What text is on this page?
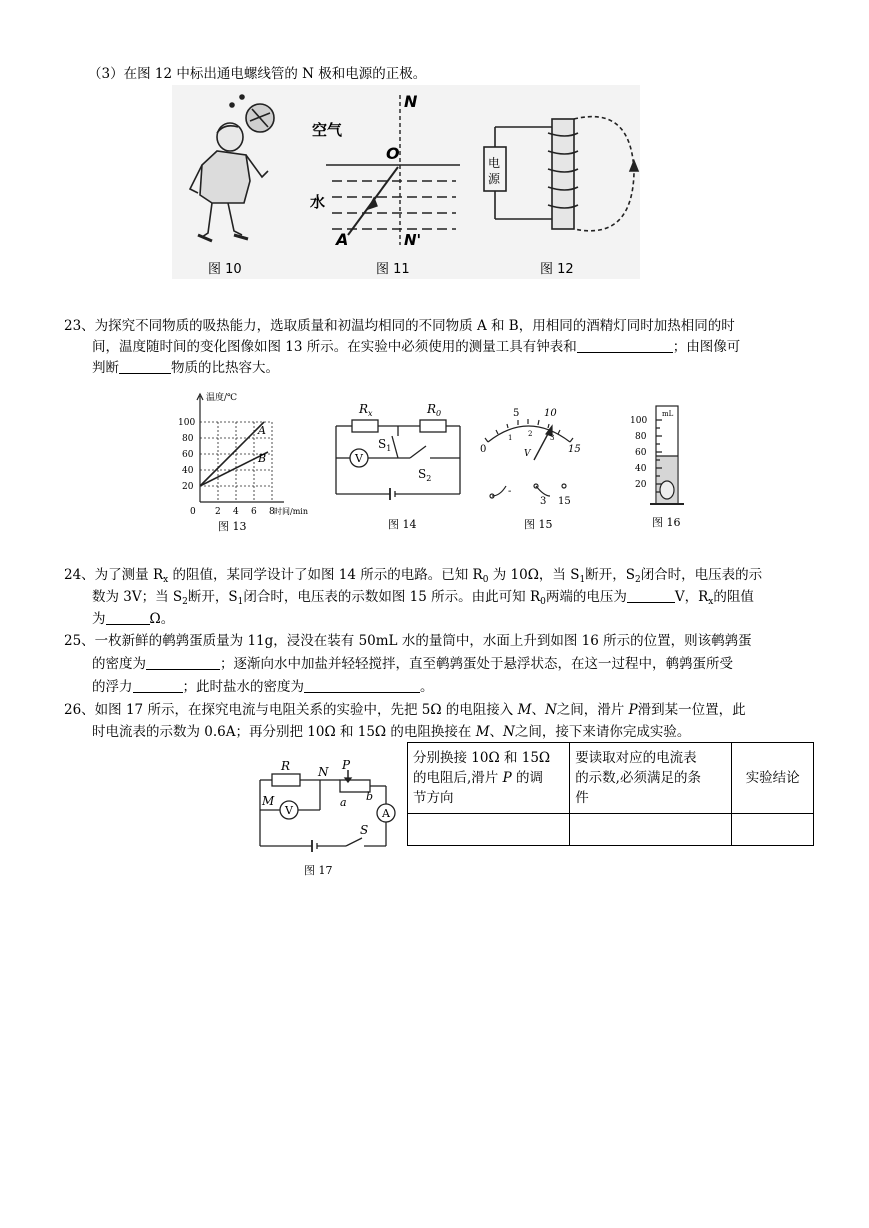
（3）在图 12 中标出通电螺线管的 N 极和电源的正极。
图 10
N
空气
O
水
A	N'
图 11
电
源
图 12
23、为探究不同物质的吸热能力，选取质量和初温均相同的不同物质 A 和 B，用相同的酒精灯同时加热相同的时
间，温度随时间的变化图像如图 13 所示。在实验中必须使用的测量工具有钟表和	；由图像可
判断	物质的比热容大。
温度/℃
100
80
60
40
20
0 2 4 6 8 时间/min
A
B
图 13
$R_x$	$R_0$
V
$S_1$
$S_2$
图 14
0
5 10
15
1 2	3
V
-
3 15
图 15
mL
100
80
60
40
20
图 16
24、为了测量 $R_x$ 的阻值，某同学设计了如图 14 所示的电路。已知 $R_0$ 为 10Ω，当 $S_1$断开，$S_2$闭合时，电压表的示
数为 3V；当 $S_2$断开，$S_1$闭合时，电压表的示数如图 15 所示。由此可知 $R_0$两端的电压为	V，$R_x$的阻值
为	Ω。
25、一枚新鲜的鹌鹑蛋质量为 11g，浸没在装有 50mL 水的量筒中，水面上升到如图 16 所示的位置，则该鹌鹑蛋
的密度为	；逐渐向水中加盐并轻轻搅拌，直至鹌鹑蛋处于悬浮状态，在这一过程中，鹌鹑蛋所受
的浮力	；此时盐水的密度为	。
26、如图 17 所示，在探究电流与电阻关系的实验中，先把 5Ω 的电阻接入 M、N之间，滑片 P滑到某一位置，此
时电流表的示数为 0.6A；再分别把 10Ω 和 15Ω 的电阻换接在 M、N之间，接下来请你完成实验。
R N P
M	a b
V	A
S
图 17
分别换接 10Ω 和 15Ω
的电阻后,滑片 P 的调
节方向	要读取对应的电流表
的示数,必须满足的条
件	实验结论
